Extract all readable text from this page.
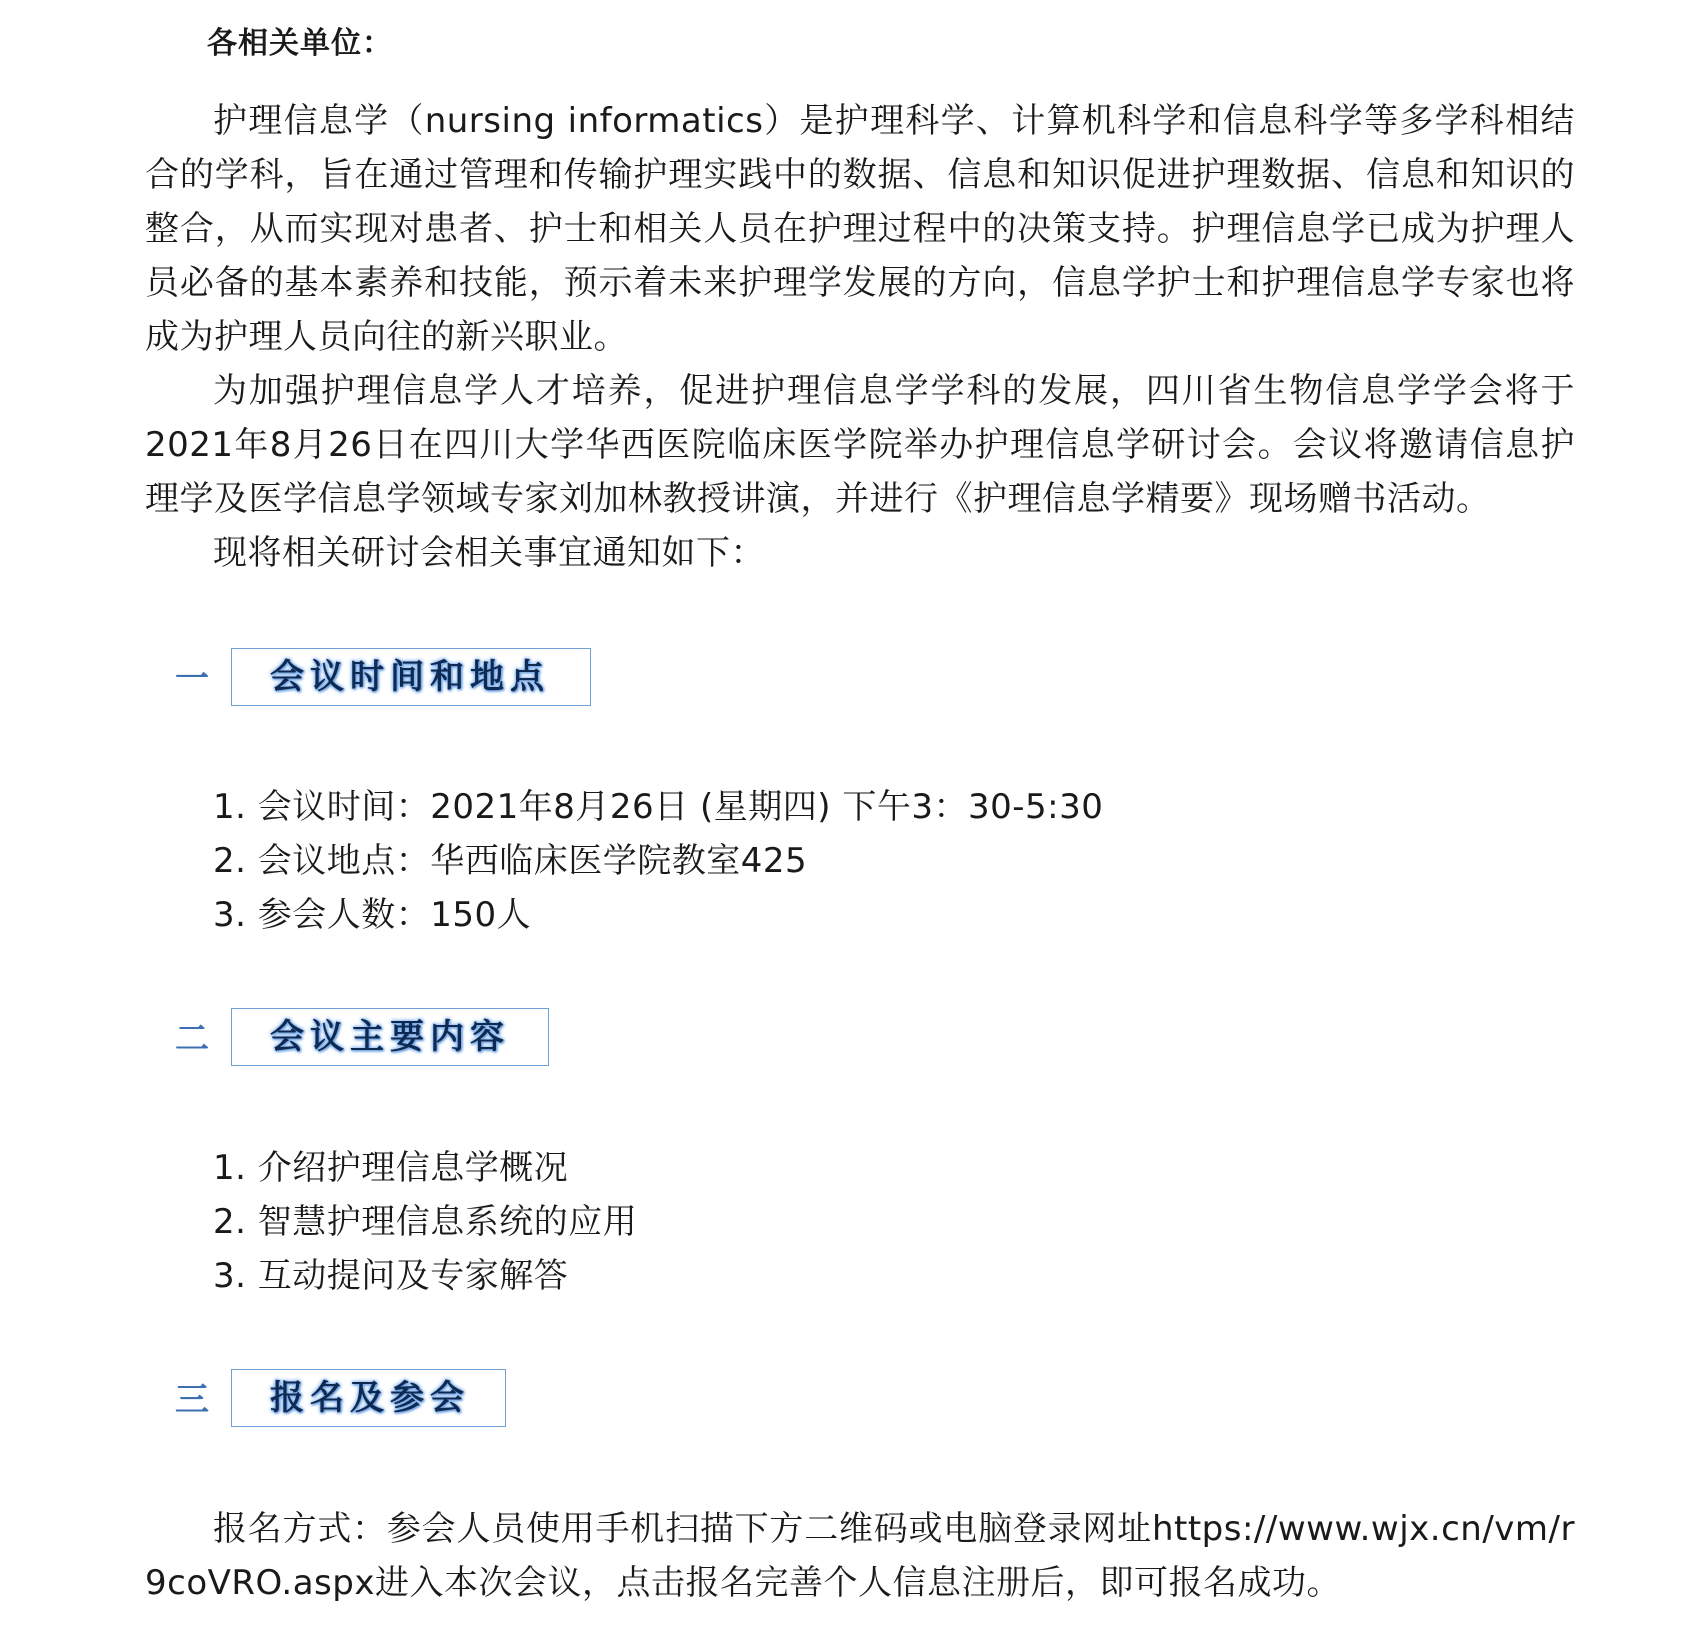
各相关单位：

护理信息学（nursing informatics）是护理科学、计算机科学和信息科学等多学科相结合的学科，旨在通过管理和传输护理实践中的数据、信息和知识促进护理数据、信息和知识的整合，从而实现对患者、护士和相关人员在护理过程中的决策支持。护理信息学已成为护理人员必备的基本素养和技能，预示着未来护理学发展的方向，信息学护士和护理信息学专家也将成为护理人员向往的新兴职业。

为加强护理信息学人才培养，促进护理信息学学科的发展，四川省生物信息学学会将于2021年8月26日在四川大学华西医院临床医学院举办护理信息学研讨会。会议将邀请信息护理学及医学信息学领域专家刘加林教授讲演，并进行《护理信息学精要》现场赠书活动。

现将相关研讨会相关事宜通知如下：

一 会议时间和地点
1. 会议时间：2021年8月26日 (星期四) 下午3：30-5:30
2. 会议地点：华西临床医学院教室425
3. 参会人数：150人
二 会议主要内容
1. 介绍护理信息学概况
2. 智慧护理信息系统的应用
3. 互动提问及专家解答
三 报名及参会

报名方式：参会人员使用手机扫描下方二维码或电脑登录网址https://www.wjx.cn/vm/r9coVRO.aspx进入本次会议，点击报名完善个人信息注册后，即可报名成功。
